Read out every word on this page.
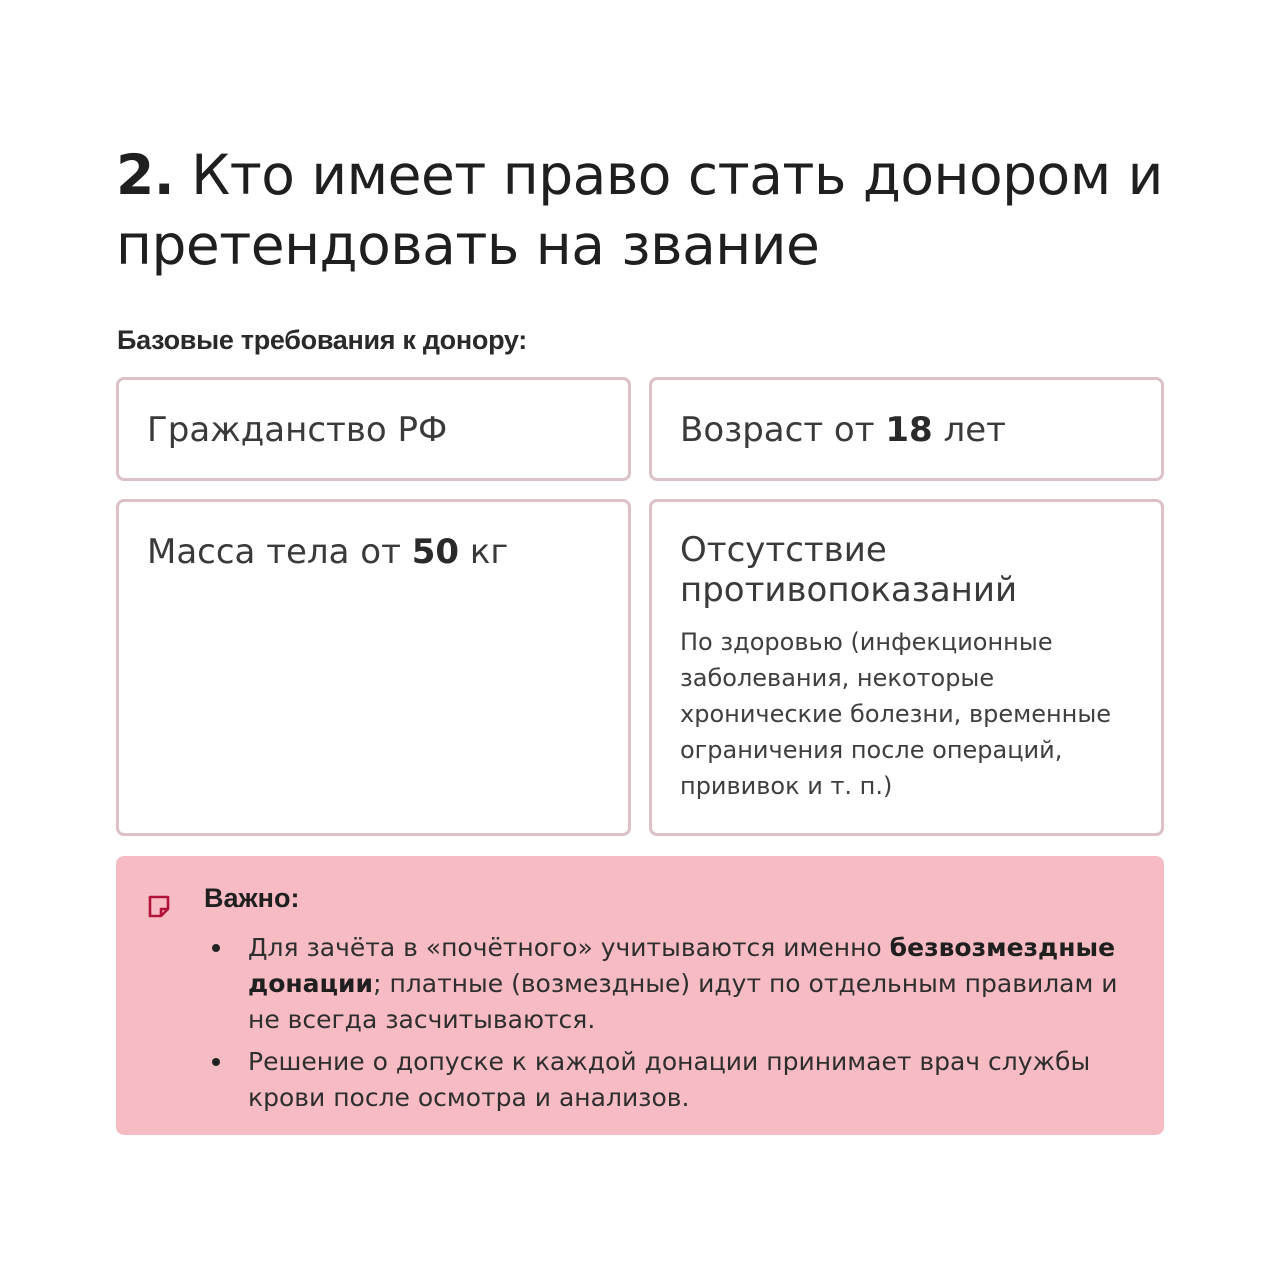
2. Кто имеет право стать донором и претендовать на звание

Базовые требования к донору:

Гражданство РФ	Возраст от 18 лет
Масса тела от 50 кг	Отсутствие противопоказаний
По здоровью (инфекционные заболевания, некоторые хронические болезни, временные ограничения после операций, прививок и т. п.)

Важно:

Для зачёта в «почётного» учитываются именно безвозмездные донации; платные (возмездные) идут по отдельным правилам и не всегда засчитываются.
Решение о допуске к каждой донации принимает врач службы крови после осмотра и анализов.
